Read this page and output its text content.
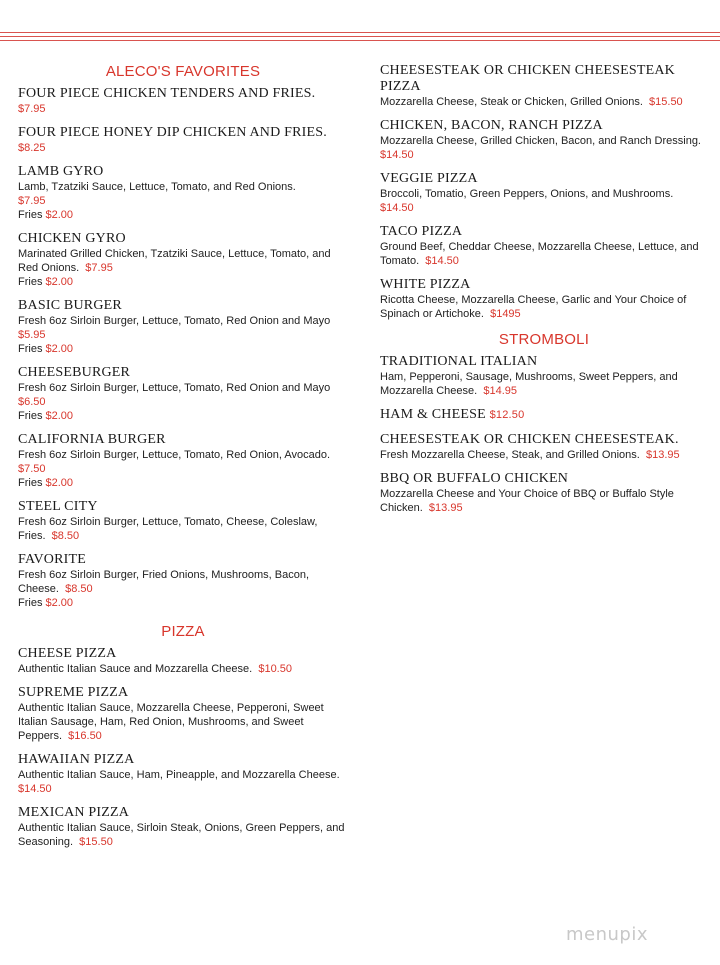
ALECO'S FAVORITES
FOUR PIECE CHICKEN TENDERS AND FRIES.
$7.95
FOUR PIECE HONEY DIP CHICKEN AND FRIES.
$8.25
LAMB GYRO
Lamb, Tzatziki Sauce, Lettuce, Tomato, and Red Onions.
$7.95
Fries $2.00
CHICKEN GYRO
Marinated Grilled Chicken, Tzatziki Sauce, Lettuce, Tomato, and Red Onions. $7.95
Fries $2.00
BASIC BURGER
Fresh 6oz Sirloin Burger, Lettuce, Tomato, Red Onion and Mayo  $5.95
Fries $2.00
CHEESEBURGER
Fresh 6oz Sirloin Burger, Lettuce, Tomato, Red Onion and Mayo  $6.50
Fries $2.00
CALIFORNIA BURGER
Fresh 6oz Sirloin Burger, Lettuce, Tomato, Red Onion, Avocado.  $7.50
Fries $2.00
STEEL CITY
Fresh 6oz Sirloin Burger, Lettuce, Tomato, Cheese, Coleslaw, Fries. $8.50
FAVORITE
Fresh 6oz Sirloin Burger, Fried Onions, Mushrooms, Bacon, Cheese. $8.50
Fries $2.00
PIZZA
CHEESE PIZZA
Authentic Italian Sauce and Mozzarella Cheese. $10.50
SUPREME PIZZA
Authentic Italian Sauce, Mozzarella Cheese, Pepperoni, Sweet Italian Sausage, Ham, Red Onion, Mushrooms, and Sweet Peppers. $16.50
HAWAIIAN PIZZA
Authentic Italian Sauce, Ham, Pineapple, and Mozzarella Cheese.  $14.50
MEXICAN PIZZA
Authentic Italian Sauce, Sirloin Steak, Onions, Green Peppers, and Seasoning. $15.50
CHEESESTEAK OR CHICKEN CHEESESTEAK PIZZA
Mozzarella Cheese, Steak or Chicken, Grilled Onions. $15.50
CHICKEN, BACON, RANCH PIZZA
Mozzarella Cheese, Grilled Chicken, Bacon, and Ranch Dressing.  $14.50
VEGGIE PIZZA
Broccoli, Tomatio, Green Peppers, Onions, and Mushrooms.
$14.50
TACO PIZZA
Ground Beef, Cheddar Cheese, Mozzarella Cheese, Lettuce, and Tomato. $14.50
WHITE PIZZA
Ricotta Cheese, Mozzarella Cheese, Garlic and Your Choice of Spinach or Artichoke. $1495
STROMBOLI
TRADITIONAL ITALIAN
Ham, Pepperoni, Sausage, Mushrooms, Sweet Peppers, and Mozzarella Cheese. $14.95
HAM & CHEESE $12.50
CHEESESTEAK OR CHICKEN CHEESESTEAK.
Fresh Mozzarella Cheese, Steak, and Grilled Onions. $13.95
BBQ OR BUFFALO CHICKEN
Mozzarella Cheese and Your Choice of BBQ or Buffalo Style Chicken. $13.95
menupix
